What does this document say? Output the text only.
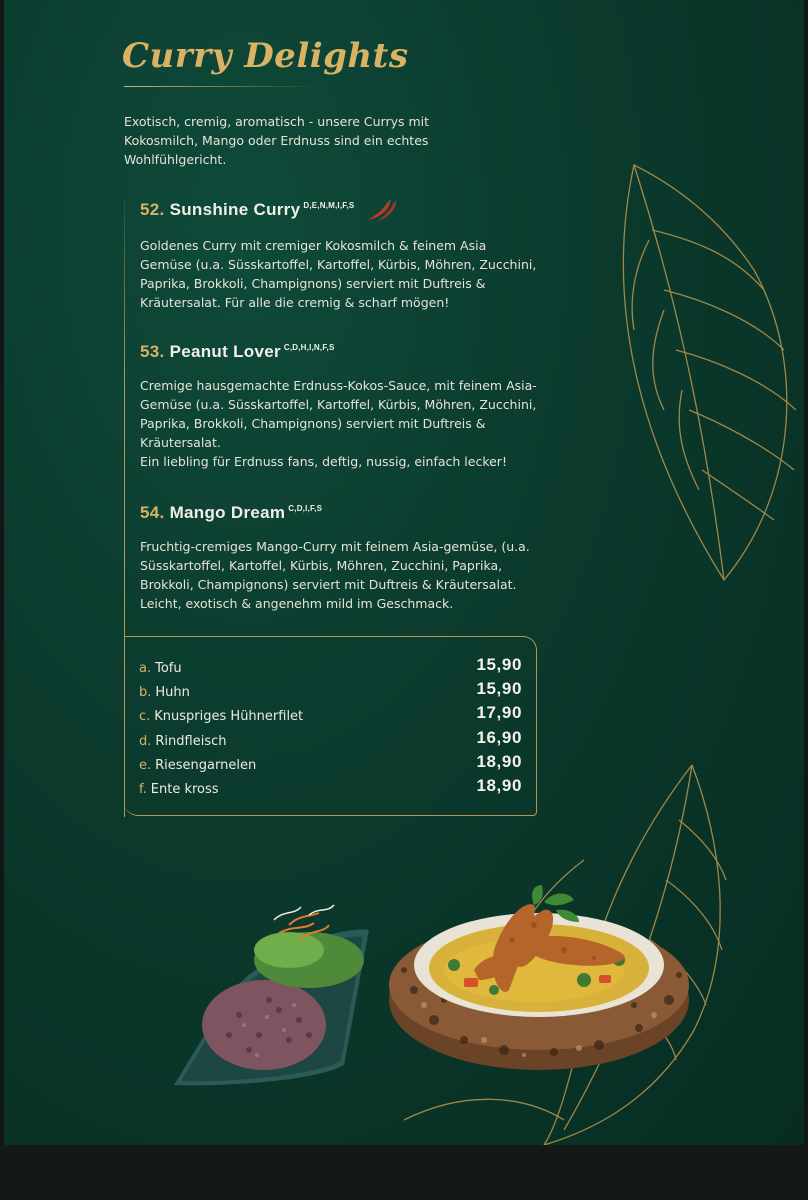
Curry Delights
Exotisch, cremig, aromatisch - unsere Currys mit Kokosmilch, Mango oder Erdnuss sind ein echtes Wohlfühlgericht.
52. Sunshine Curry $^{D,E,N,M,I,F,S}$
Goldenes Curry mit cremiger Kokosmilch & feinem Asia Gemüse (u.a. Süsskartoffel, Kartoffel, Kürbis, Möhren, Zucchini, Paprika, Brokkoli, Champignons) serviert mit Duftreis & Kräutersalat. Für alle die cremig & scharf mögen!
53. Peanut Lover $^{C,D,H,I,N,F,S}$
Cremige hausgemachte Erdnuss-Kokos-Sauce, mit feinem Asia-Gemüse (u.a. Süsskartoffel, Kartoffel, Kürbis, Möhren, Zucchini, Paprika, Brokkoli, Champignons) serviert mit Duftreis & Kräutersalat.
Ein liebling für Erdnuss fans, deftig, nussig, einfach lecker!
54. Mango Dream $^{C,D,I,F,S}$
Fruchtig-cremiges Mango-Curry mit feinem Asia-gemüse, (u.a. Süsskartoffel, Kartoffel, Kürbis, Möhren, Zucchini, Paprika, Brokkoli, Champignons) serviert mit Duftreis & Kräutersalat. Leicht, exotisch & angenehm mild im Geschmack.
a. Tofu	15,90
b. Huhn	15,90
c. Knuspriges Hühnerfilet	17,90
d. Rindfleisch	16,90
e. Riesengarnelen	18,90
f. Ente kross	18,90
